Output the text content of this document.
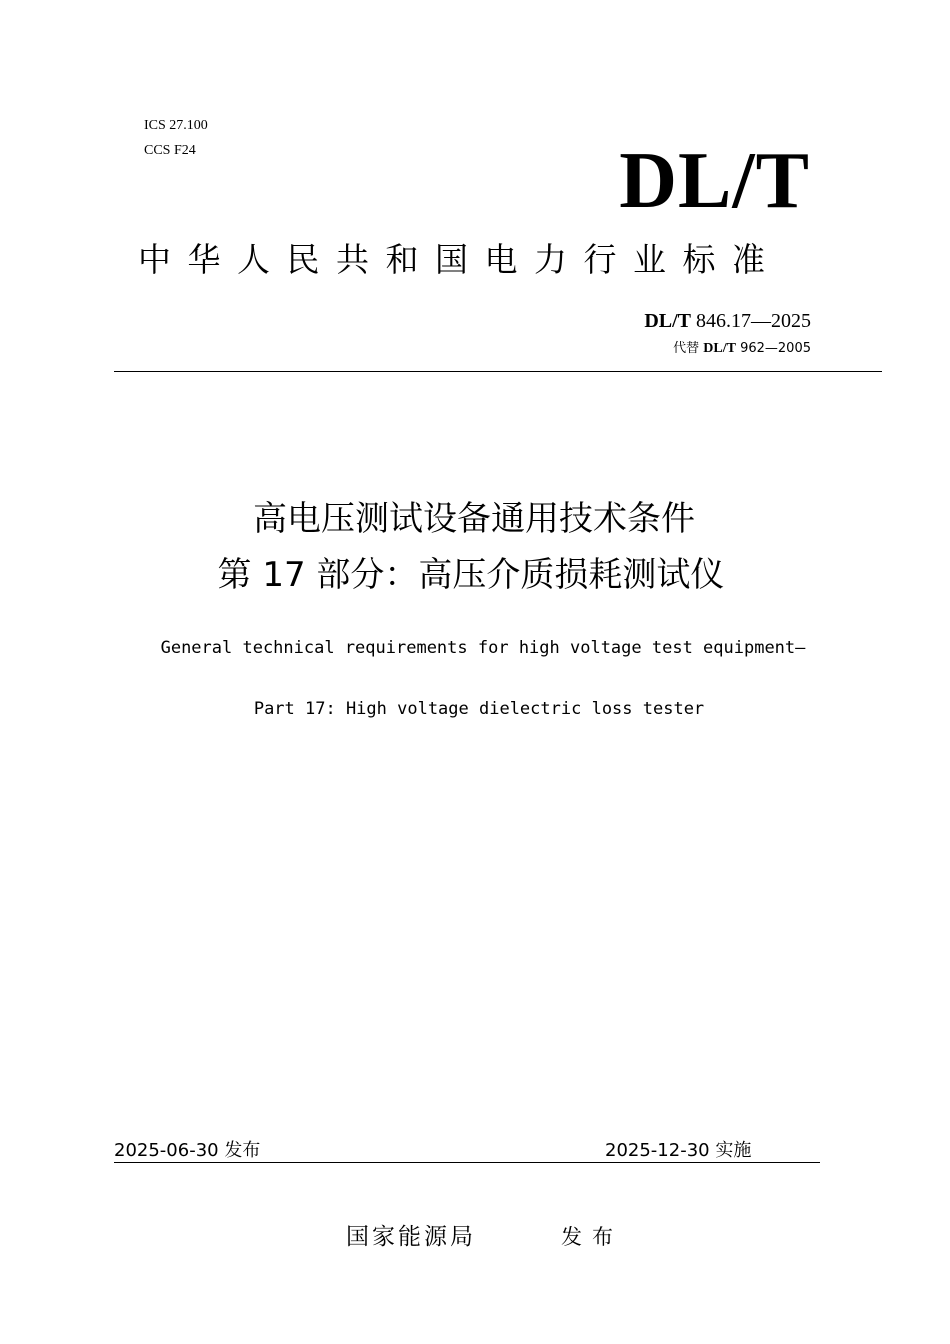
ICS 27.100
CCS F24	DL/T
中华人民共和国电力行业标准
DL/T 846.17—2025
代替 DL/T 962—2005
高电压测试设备通用技术条件
第 17 部分：高压介质损耗测试仪
General technical requirements for high voltage test equipment—
Part 17: High voltage dielectric loss tester
2025-06-30 发布	2025-12-30 实施
国家能源局	发布
